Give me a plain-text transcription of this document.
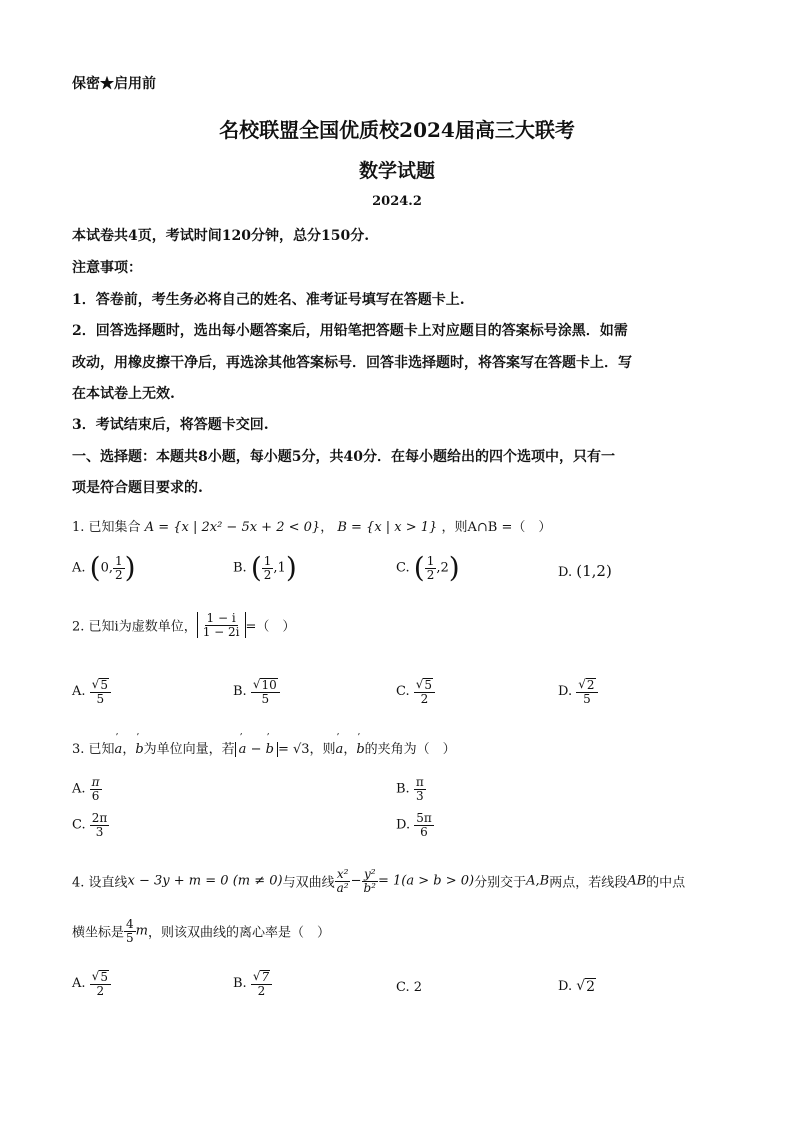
保密★启用前
名校联盟全国优质校2024届高三大联考
数学试题
2024.2
本试卷共4页，考试时间120分钟，总分150分.
注意事项：
1．答卷前，考生务必将自己的姓名、准考证号填写在答题卡上.
2．回答选择题时，选出每小题答案后，用铅笔把答题卡上对应题目的答案标号涂黑．如需
改动，用橡皮擦干净后，再选涂其他答案标号．回答非选择题时，将答案写在答题卡上．写
在本试卷上无效.
3．考试结束后，将答题卡交回.
一、选择题：本题共8小题，每小题5分，共40分．在每小题给出的四个选项中，只有一
项是符合题目要求的.
1. 已知集合 A = {x | 2x² − 5x + 2 < 0}， B = {x | x > 1} ，则A∩B =（　）
A. (0, $\frac{1}{2}$ )	B. ( $\frac{1}{2} ,1$)	C. ( $\frac{1}{2} ,2$)	D. (1,2)
2. 已知i为虚数单位， $\frac{1 - i}{1 - 2i}$ =（　）
A. $\frac{√ 5}{5}$	B. $\frac{√ 10}{5}$	C. $\frac{√ 5}{2}$	D. $\frac{√ 2}{5}$
3. 已知’ a，’ b为单位向量，若’ a − ’ b = √3，则’ a，’ b的夹角为（　）
A. $\frac{\pi}{6}$	B. $\frac{\pi}{3}$
C. $\frac{2\pi}{3}$	D. $\frac{5\pi}{6}$
4. 设直线x − 3y + m = 0 (m ≠ 0)与双曲线 $\frac{\text{x²}}{\text{a²}} - \frac{\text{y²}}{\text{b²}} = 1(a > b > 0)$分别交于A,B两点，若线段AB的中点
横坐标是 $\frac{4}{5}$ m，则该双曲线的离心率是（　）
A. $\frac{√ 5}{2}$	B. $\frac{√ 7}{2}$	C. 2	D. √ 2
